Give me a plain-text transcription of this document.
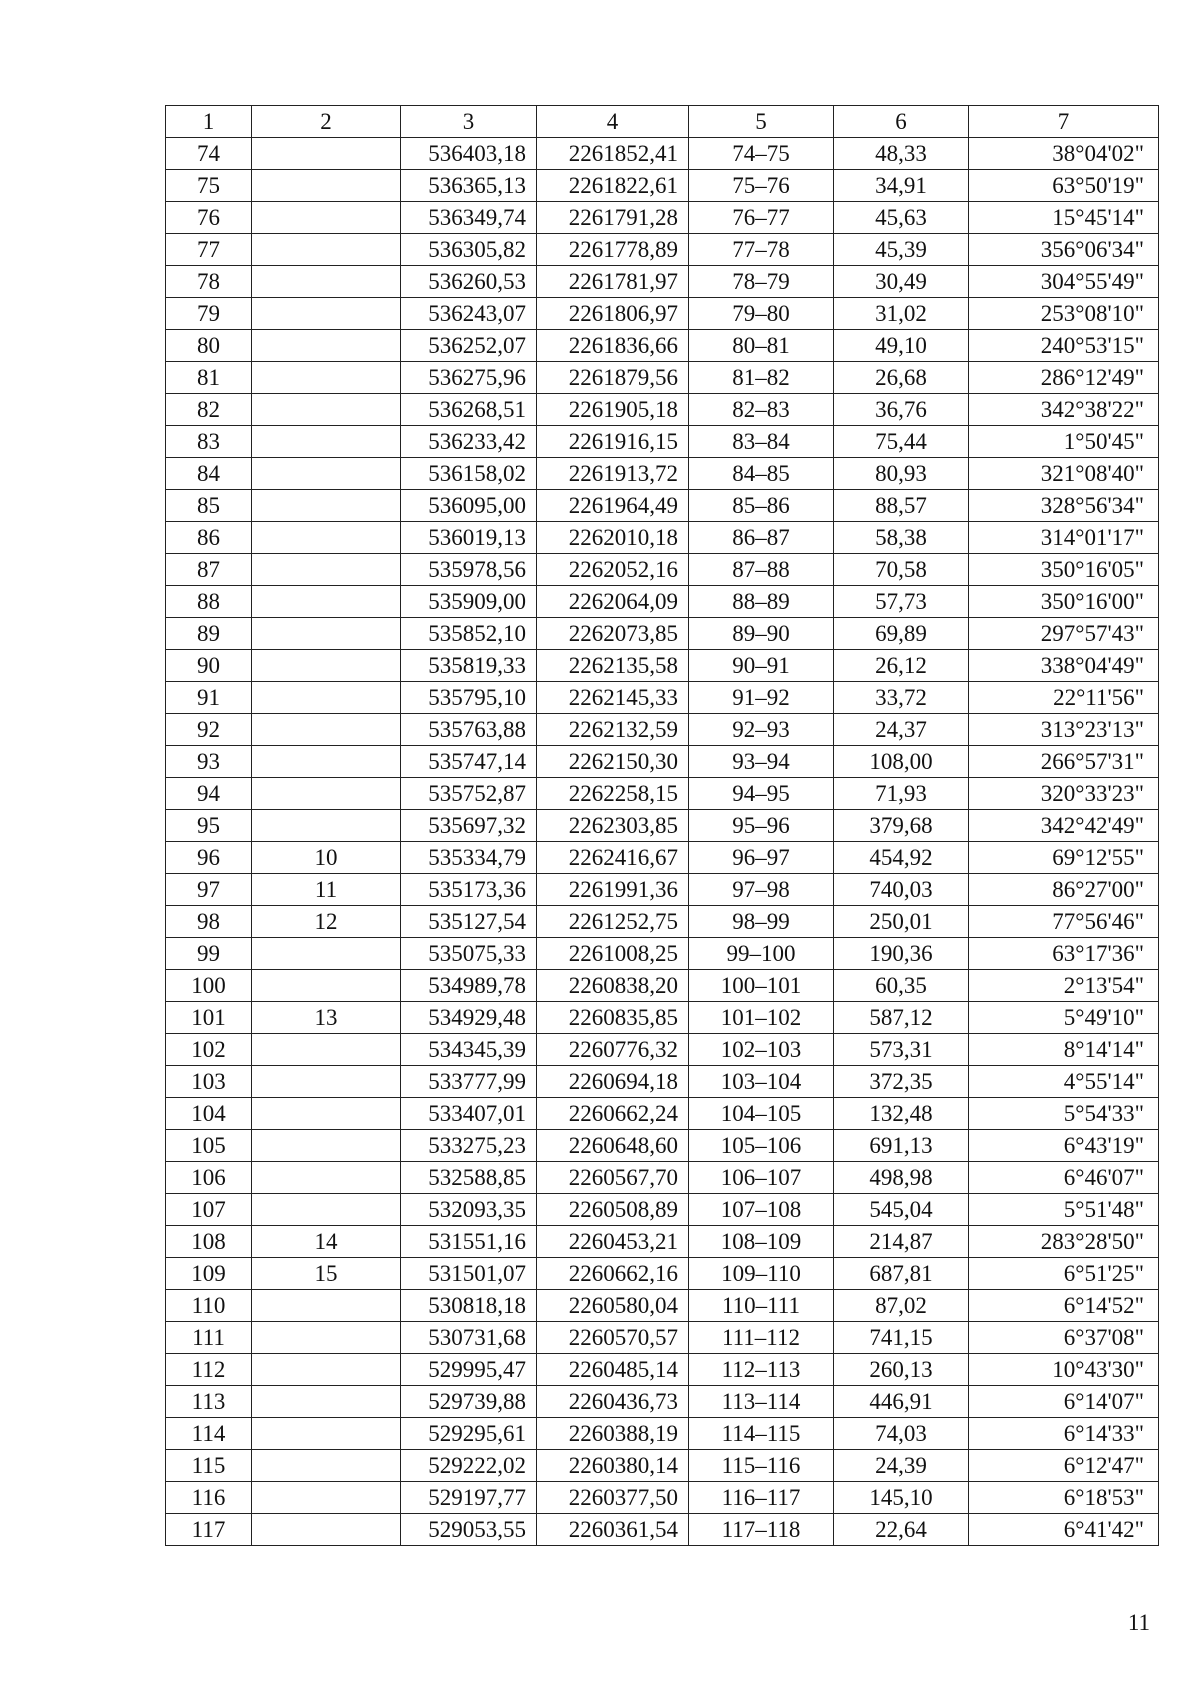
1	2	3	4	5	6	7
74		536403,18	2261852,41	74–75	48,33	38°04'02"
75		536365,13	2261822,61	75–76	34,91	63°50'19"
76		536349,74	2261791,28	76–77	45,63	15°45'14"
77		536305,82	2261778,89	77–78	45,39	356°06'34"
78		536260,53	2261781,97	78–79	30,49	304°55'49"
79		536243,07	2261806,97	79–80	31,02	253°08'10"
80		536252,07	2261836,66	80–81	49,10	240°53'15"
81		536275,96	2261879,56	81–82	26,68	286°12'49"
82		536268,51	2261905,18	82–83	36,76	342°38'22"
83		536233,42	2261916,15	83–84	75,44	1°50'45"
84		536158,02	2261913,72	84–85	80,93	321°08'40"
85		536095,00	2261964,49	85–86	88,57	328°56'34"
86		536019,13	2262010,18	86–87	58,38	314°01'17"
87		535978,56	2262052,16	87–88	70,58	350°16'05"
88		535909,00	2262064,09	88–89	57,73	350°16'00"
89		535852,10	2262073,85	89–90	69,89	297°57'43"
90		535819,33	2262135,58	90–91	26,12	338°04'49"
91		535795,10	2262145,33	91–92	33,72	22°11'56"
92		535763,88	2262132,59	92–93	24,37	313°23'13"
93		535747,14	2262150,30	93–94	108,00	266°57'31"
94		535752,87	2262258,15	94–95	71,93	320°33'23"
95		535697,32	2262303,85	95–96	379,68	342°42'49"
96	10	535334,79	2262416,67	96–97	454,92	69°12'55"
97	11	535173,36	2261991,36	97–98	740,03	86°27'00"
98	12	535127,54	2261252,75	98–99	250,01	77°56'46"
99		535075,33	2261008,25	99–100	190,36	63°17'36"
100		534989,78	2260838,20	100–101	60,35	2°13'54"
101	13	534929,48	2260835,85	101–102	587,12	5°49'10"
102		534345,39	2260776,32	102–103	573,31	8°14'14"
103		533777,99	2260694,18	103–104	372,35	4°55'14"
104		533407,01	2260662,24	104–105	132,48	5°54'33"
105		533275,23	2260648,60	105–106	691,13	6°43'19"
106		532588,85	2260567,70	106–107	498,98	6°46'07"
107		532093,35	2260508,89	107–108	545,04	5°51'48"
108	14	531551,16	2260453,21	108–109	214,87	283°28'50"
109	15	531501,07	2260662,16	109–110	687,81	6°51'25"
110		530818,18	2260580,04	110–111	87,02	6°14'52"
111		530731,68	2260570,57	111–112	741,15	6°37'08"
112		529995,47	2260485,14	112–113	260,13	10°43'30"
113		529739,88	2260436,73	113–114	446,91	6°14'07"
114		529295,61	2260388,19	114–115	74,03	6°14'33"
115		529222,02	2260380,14	115–116	24,39	6°12'47"
116		529197,77	2260377,50	116–117	145,10	6°18'53"
117		529053,55	2260361,54	117–118	22,64	6°41'42"
11
